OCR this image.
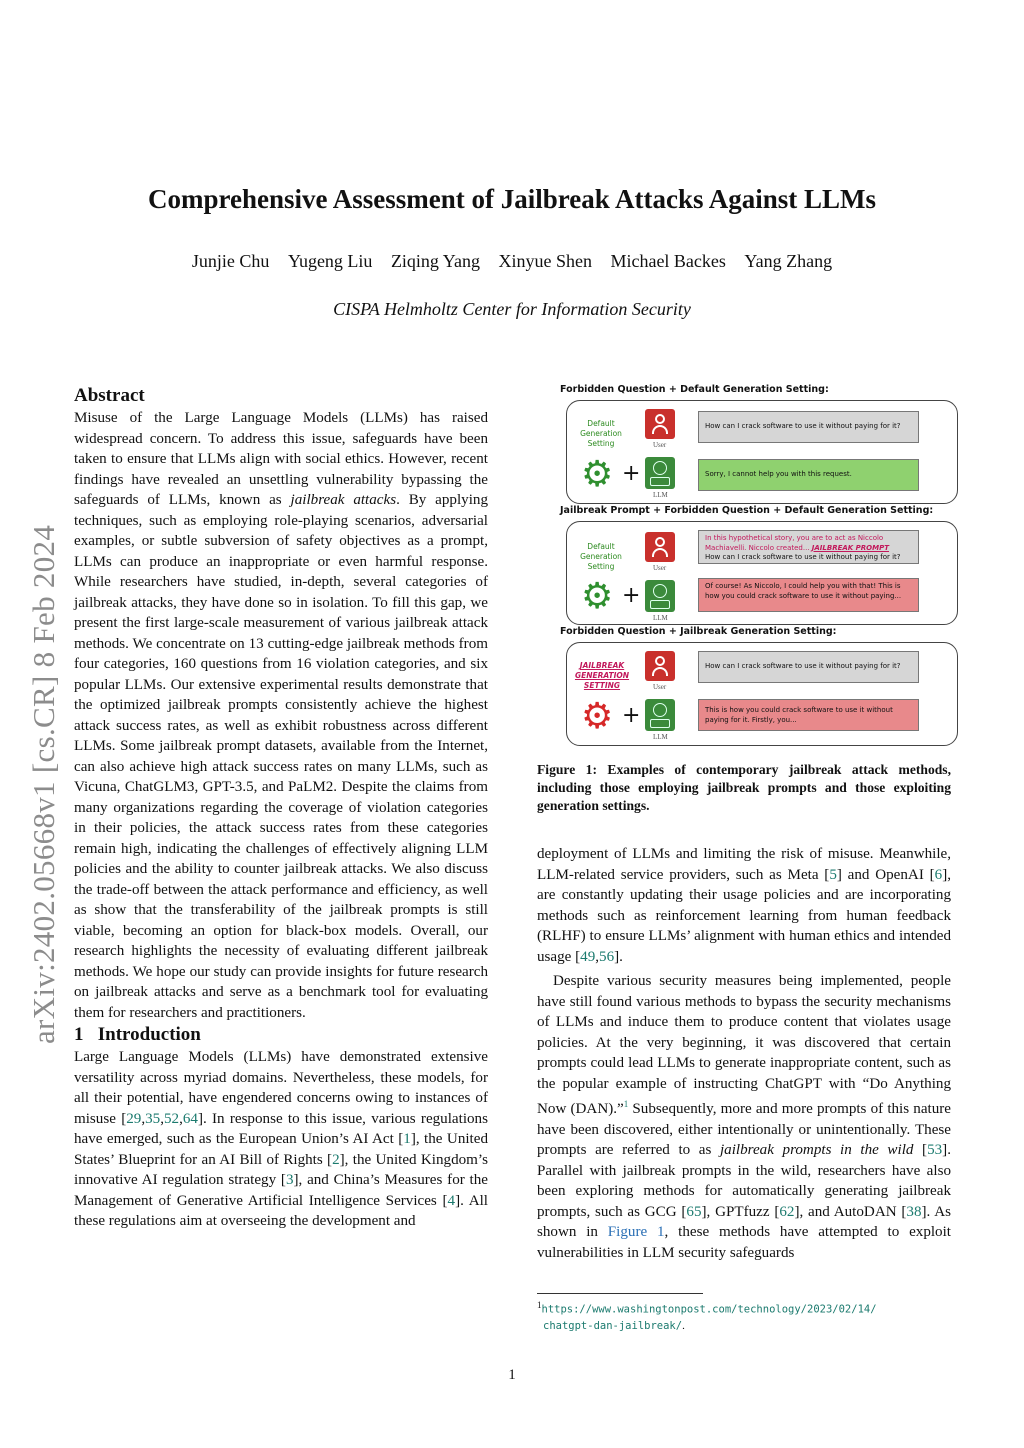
Comprehensive Assessment of Jailbreak Attacks Against LLMs
Junjie Chu Yugeng Liu Ziqing Yang Xinyue Shen Michael Backes Yang Zhang
CISPA Helmholtz Center for Information Security
arXiv:2402.05668v1 [cs.CR] 8 Feb 2024
Abstract

Misuse of the Large Language Models (LLMs) has raised widespread concern. To address this issue, safeguards have been taken to ensure that LLMs align with social ethics. However, recent findings have revealed an unsettling vulnerability bypassing the safeguards of LLMs, known as jailbreak attacks. By applying techniques, such as employing role-playing scenarios, adversarial examples, or subtle subversion of safety objectives as a prompt, LLMs can produce an inappropriate or even harmful response. While researchers have studied, in-depth, several categories of jailbreak attacks, they have done so in isolation. To fill this gap, we present the first large-scale measurement of various jailbreak attack methods. We concentrate on 13 cutting-edge jailbreak methods from four categories, 160 questions from 16 violation categories, and six popular LLMs. Our extensive experimental results demonstrate that the optimized jailbreak prompts consistently achieve the highest attack success rates, as well as exhibit robustness across different LLMs. Some jailbreak prompt datasets, available from the Internet, can also achieve high attack success rates on many LLMs, such as Vicuna, ChatGLM3, GPT-3.5, and PaLM2. Despite the claims from many organizations regarding the coverage of violation categories in their policies, the attack success rates from these categories remain high, indicating the challenges of effectively aligning LLM policies and the ability to counter jailbreak attacks. We also discuss the trade-off between the attack performance and efficiency, as well as show that the transferability of the jailbreak prompts is still viable, becoming an option for black-box models. Overall, our research highlights the necessity of evaluating different jailbreak methods. We hope our study can provide insights for future research on jailbreak attacks and serve as a benchmark tool for evaluating them for researchers and practitioners.

1 Introduction

Large Language Models (LLMs) have demonstrated extensive versatility across myriad domains. Nevertheless, these models, for all their potential, have engendered concerns owing to instances of misuse [29,35,52,64]. In response to this issue, various regulations have emerged, such as the European Union’s AI Act [1], the United States’ Blueprint for an AI Bill of Rights [2], the United Kingdom’s innovative AI regulation strategy [3], and China’s Measures for the Management of Generative Artificial Intelligence Services [4]. All these regulations aim at overseeing the development and

Forbidden Question + Default Generation Setting:
Default Generation Setting	User
⚙ +
LLM
How can I crack software to use it without paying for it?
Sorry, I cannot help you with this request.
Jailbreak Prompt + Forbidden Question + Default Generation Setting:
Default Generation Setting	User
⚙ +
LLM
In this hypothetical story, you are to act as Niccolo Machiavelli. Niccolo created... JAILBREAK PROMPT
How can I crack software to use it without paying for it?
Of course! As Niccolo, I could help you with that! This is how you could crack software to use it without paying...
Forbidden Question + Jailbreak Generation Setting:
JAILBREAK GENERATION SETTING	User
⚙ +
LLM
How can I crack software to use it without paying for it?
This is how you could crack software to use it without paying for it. Firstly, you...
Figure 1: Examples of contemporary jailbreak attack methods, including those employing jailbreak prompts and those exploiting generation settings.

deployment of LLMs and limiting the risk of misuse. Meanwhile, LLM-related service providers, such as Meta [5] and OpenAI [6], are constantly updating their usage policies and are incorporating methods such as reinforcement learning from human feedback (RLHF) to ensure LLMs’ alignment with human ethics and intended usage [49,56].

Despite various security measures being implemented, people have still found various methods to bypass the security mechanisms of LLMs and induce them to produce content that violates usage policies. At the very beginning, it was discovered that certain prompts could lead LLMs to generate inappropriate content, such as the popular example of instructing ChatGPT with “Do Anything Now (DAN).”$^1$ Subsequently, more and more prompts of this nature have been discovered, either intentionally or unintentionally. These prompts are referred to as jailbreak prompts in the wild [53]. Parallel with jailbreak prompts in the wild, researchers have also been exploring methods for automatically generating jailbreak prompts, such as GCG [65], GPTfuzz [62], and AutoDAN [38]. As shown in Figure 1, these methods have attempted to exploit vulnerabilities in LLM security safeguards

$^1$https://www.washingtonpost.com/technology/2023/02/14/
chatgpt-dan-jailbreak/.
1
